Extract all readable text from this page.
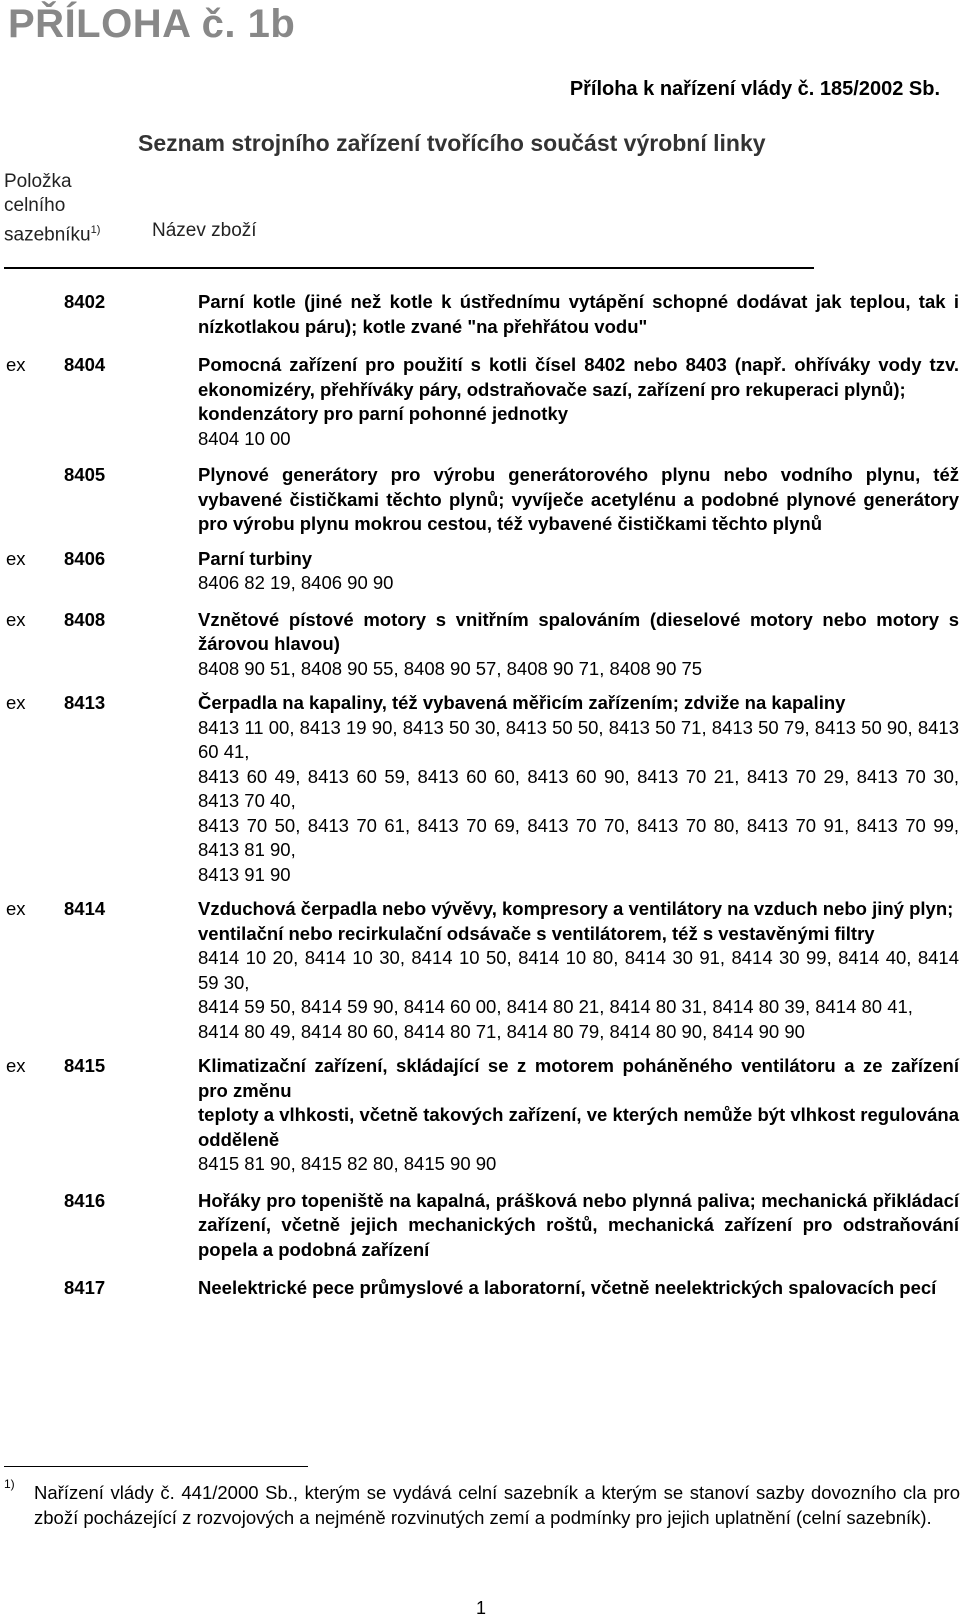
PŘÍLOHA č. 1b
Příloha k nařízení vlády č. 185/2002 Sb.
Seznam strojního zařízení tvořícího součást výrobní linky
Položka
celního
sazebníku$^{1)}$	Název zboží
8402	Parní kotle (jiné než kotle k ústřednímu vytápění schopné dodávat jak teplou, tak i nízkotlakou páru); kotle zvané "na přehřátou vodu"
ex 8404	Pomocná zařízení pro použití s kotli čísel 8402 nebo 8403 (např. ohříváky vody tzv. ekonomizéry, přehříváky páry, odstraňovače sazí, zařízení pro rekuperaci plynů);
kondenzátory pro parní pohonné jednotky
8404 10 00
8405	Plynové generátory pro výrobu generátorového plynu nebo vodního plynu, též vybavené čističkami těchto plynů; vyvíječe acetylénu a podobné plynové generátory pro výrobu plynu mokrou cestou, též vybavené čističkami těchto plynů
ex 8406	Parní turbiny
8406 82 19, 8406 90 90
ex 8408	Vznětové pístové motory s vnitřním spalováním (dieselové motory nebo motory s žárovou hlavou)
8408 90 51, 8408 90 55, 8408 90 57, 8408 90 71, 8408 90 75
ex 8413	Čerpadla na kapaliny, též vybavená měřicím zařízením; zdviže na kapaliny
8413 11 00, 8413 19 90, 8413 50 30, 8413 50 50, 8413 50 71, 8413 50 79, 8413 50 90, 8413 60 41,
8413 60 49, 8413 60 59, 8413 60 60, 8413 60 90, 8413 70 21, 8413 70 29, 8413 70 30, 8413 70 40,
8413 70 50, 8413 70 61, 8413 70 69, 8413 70 70, 8413 70 80, 8413 70 91, 8413 70 99, 8413 81 90,
8413 91 90
ex 8414	Vzduchová čerpadla nebo vývěvy, kompresory a ventilátory na vzduch nebo jiný plyn;
ventilační nebo recirkulační odsávače s ventilátorem, též s vestavěnými filtry
8414 10 20, 8414 10 30, 8414 10 50, 8414 10 80, 8414 30 91, 8414 30 99, 8414 40, 8414 59 30,
8414 59 50, 8414 59 90, 8414 60 00, 8414 80 21, 8414 80 31, 8414 80 39, 8414 80 41,
8414 80 49, 8414 80 60, 8414 80 71, 8414 80 79, 8414 80 90, 8414 90 90
ex 8415	Klimatizační zařízení, skládající se z motorem poháněného ventilátoru a ze zařízení pro změnu
teploty a vlhkosti, včetně takových zařízení, ve kterých nemůže být vlhkost regulována odděleně
8415 81 90, 8415 82 80, 8415 90 90
8416	Hořáky pro topeniště na kapalná, prášková nebo plynná paliva; mechanická přikládací zařízení, včetně jejich mechanických roštů, mechanická zařízení pro odstraňování popela a podobná zařízení
8417	Neelektrické pece průmyslové a laboratorní, včetně neelektrických spalovacích pecí
1) Nařízení vlády č. 441/2000 Sb., kterým se vydává celní sazebník a kterým se stanoví sazby dovozního cla pro zboží pocházející z rozvojových a nejméně rozvinutých zemí a podmínky pro jejich uplatnění (celní sazebník).
1
